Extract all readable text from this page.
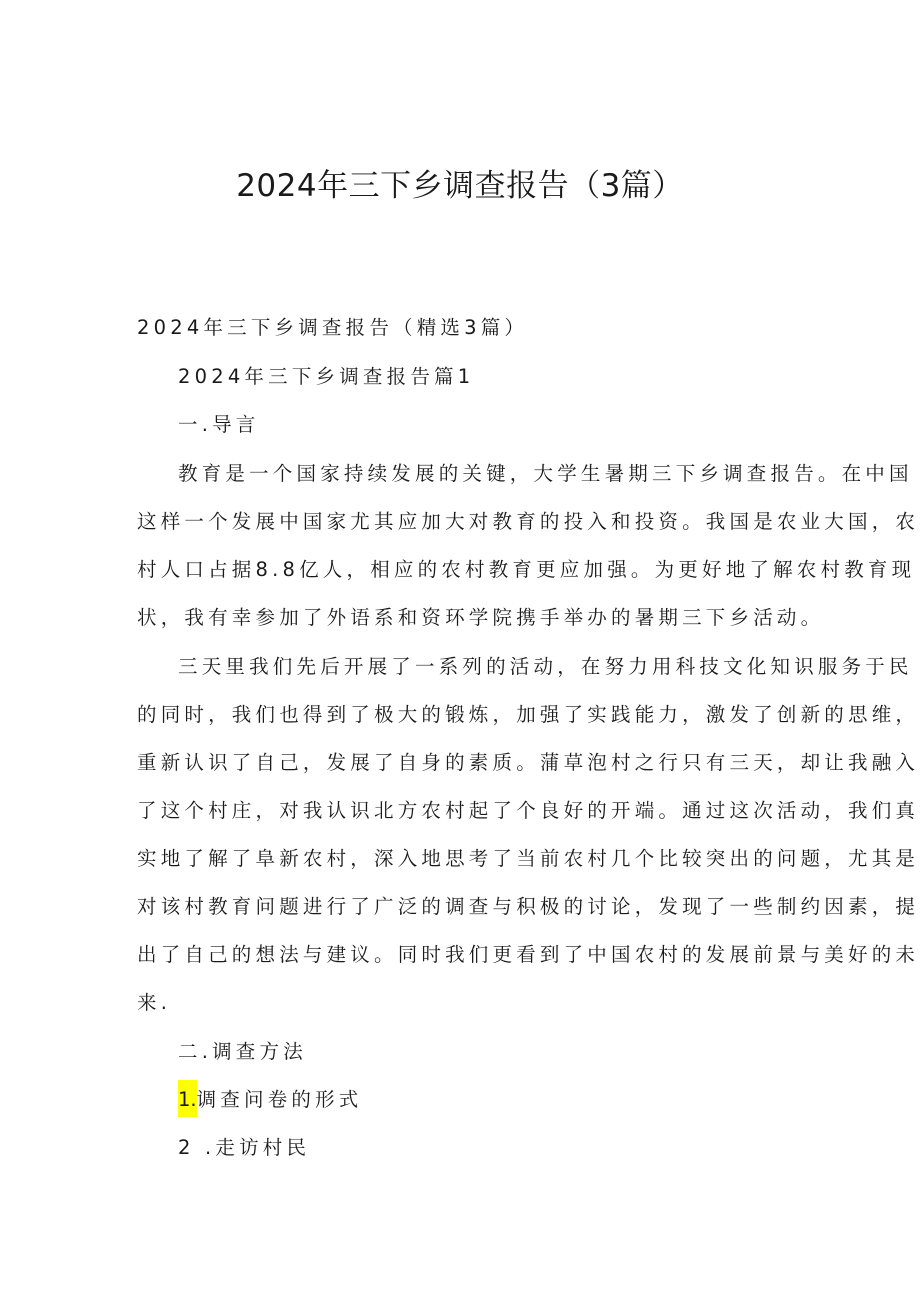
2024年三下乡调查报告（3篇）
2024年三下乡调查报告（精选3篇）
2024年三下乡调查报告篇1
一.导言
教育是一个国家持续发展的关键，大学生暑期三下乡调查报告。在中国
这样一个发展中国家尤其应加大对教育的投入和投资。我国是农业大国，农
村人口占据8.8亿人，相应的农村教育更应加强。为更好地了解农村教育现
状，我有幸参加了外语系和资环学院携手举办的暑期三下乡活动。
三天里我们先后开展了一系列的活动，在努力用科技文化知识服务于民
的同时，我们也得到了极大的锻炼，加强了实践能力，激发了创新的思维，
重新认识了自己，发展了自身的素质。蒲草泡村之行只有三天，却让我融入
了这个村庄，对我认识北方农村起了个良好的开端。通过这次活动，我们真
实地了解了阜新农村，深入地思考了当前农村几个比较突出的问题，尤其是
对该村教育问题进行了广泛的调查与积极的讨论，发现了一些制约因素，提
出了自己的想法与建议。同时我们更看到了中国农村的发展前景与美好的未
来.
二.调查方法
1.调查问卷的形式
2 .走访村民
